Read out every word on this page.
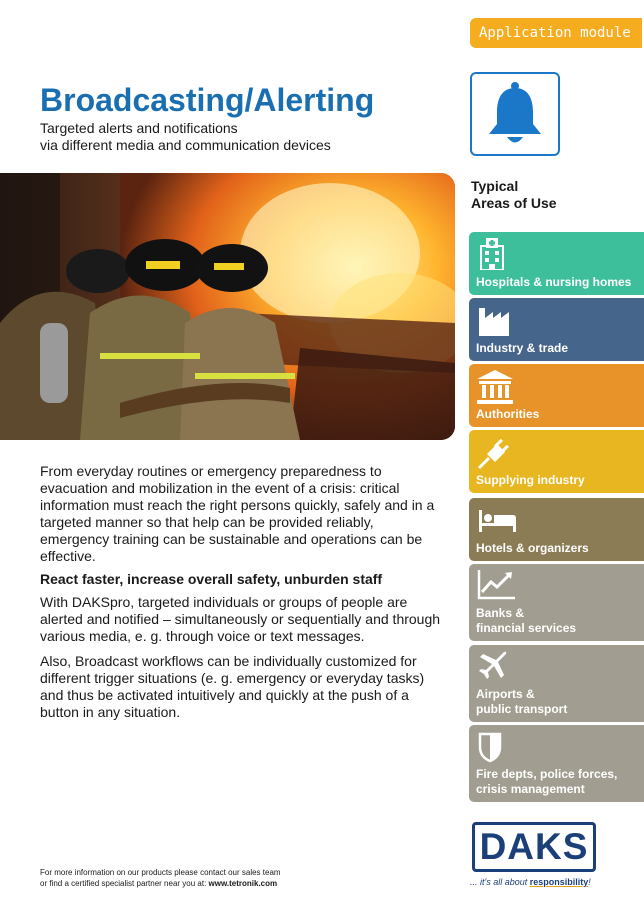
Application module
Broadcasting/Alerting
Targeted alerts and notifications
via different media and communication devices
Typical
Areas of Use
Hospitals & nursing homes
Industry & trade
Authorities
Supplying industry
Hotels & organizers
Banks &
financial services
Airports &
public transport
Fire depts, police forces,
crisis management

From everyday routines or emergency preparedness to evacuation and mobilization in the event of a crisis: critical information must reach the right persons quickly, safely and in a targeted manner so that help can be provided reliably, emergency training can be sustainable and operations can be effective.

React faster, increase overall safety, unburden staff

With DAKSpro, targeted individuals or groups of people are alerted and notified – simultaneously or sequentially and through various media, e. g. through voice or text messages.

Also, Broadcast workflows can be individually customized for different trigger situations (e. g. emergency or everyday tasks) and thus be activated intuitively and quickly at the push of a button in any situation.

For more information on our products please contact our sales team
or find a certified specialist partner near you at: www.tetronik.com
DAKS
... it's all about responsibility!
